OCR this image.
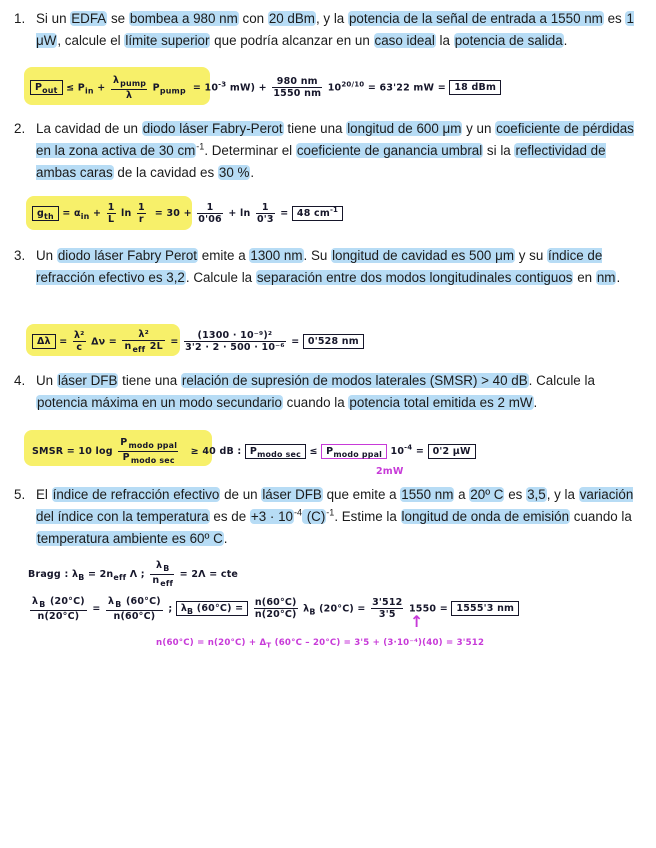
1. Si un EDFA se bombea a 980 nm con 20 dBm, y la potencia de la señal de entrada a 1550 nm es 1 μW, calcule el límite superior que podría alcanzar en un caso ideal la potencia de salida.
2. La cavidad de un diodo láser Fabry-Perot tiene una longitud de 600 μm y un coeficiente de pérdidas en la zona activa de 30 $cm^{-1}$. Determinar el coeficiente de ganancia umbral si la reflectividad de ambas caras de la cavidad es 30 %.
3. Un diodo láser Fabry Perot emite a 1300 nm. Su longitud de cavidad es 500 μm y su índice de refracción efectivo es 3,2. Calcule la separación entre dos modos longitudinales contiguos en nm.
4. Un láser DFB tiene una relación de supresión de modos laterales (SMSR) > 40 dB. Calcule la potencia máxima en un modo secundario cuando la potencia total emitida es 2 mW.
5. El índice de refracción efectivo de un láser DFB que emite a 1550 nm a 20º C es 3,5, y la variación del índice con la temperatura es de $+3 \cdot 10^{-4}$ $(C)^{-1}$. Estime la longitud de onda de emisión cuando la temperatura ambiente es 60º C.
$P_{out} \le P_{in} + \frac{\lambda_{pump}}{\lambda} P_{pump} = 10^{-3}$ $mW) + \frac{980 nm}{1550 nm} 10^{20/10} = 63'22$ mW = 18 dBm
$g_{th} = \alpha_{in} + \frac{1}{L}$ $\ln \frac{1}{r} = 30 + \frac{1}{0'06} + \ln \frac{1}{0'3} = 48$ $cm^{-1}$
$\Delta\lambda = \frac{\text{λ²}}{c}$ $\Delta\nu = \frac{\text{λ²}}{n_{eff} 2L} = \frac{\text{(1300 · 10⁻⁹)²}}{\text{3'2 · 2 · 500 · 10⁻⁶}} = 0'528$ nm
SMSR = 10 $\log \frac{P_{modo ppal}}{P_{modo sec}} \ge 40$ dB : $P_{modo sec} \le P_{modo ppal}$ $10^{-4} = 0'2$ μW
2mW
Bragg : $\lambda_B = 2n_{eff}$ Λ ; $\frac{\lambda_B}{n_{eff}} = 2\Lambda$ = cte
$\frac{\lambda_B (20^\circ C)}{n(20^\circ C)} = \frac{\lambda_B (60^\circ C)}{n(60^\circ C)}$ ; $\lambda_B$ $(60^\circ C) = \frac{n(60^\circ C)}{n(20^\circ C)} \lambda_B$ $(20^\circ C) = \frac{3'512}{3'5} 1550 = 1555'3$ nm
↑
$n(60^\circ C) = n(20^\circ C) + \Delta_T$ (60°C – 20°C) = 3'5 + (3·10⁻⁴)(40) = 3'512
